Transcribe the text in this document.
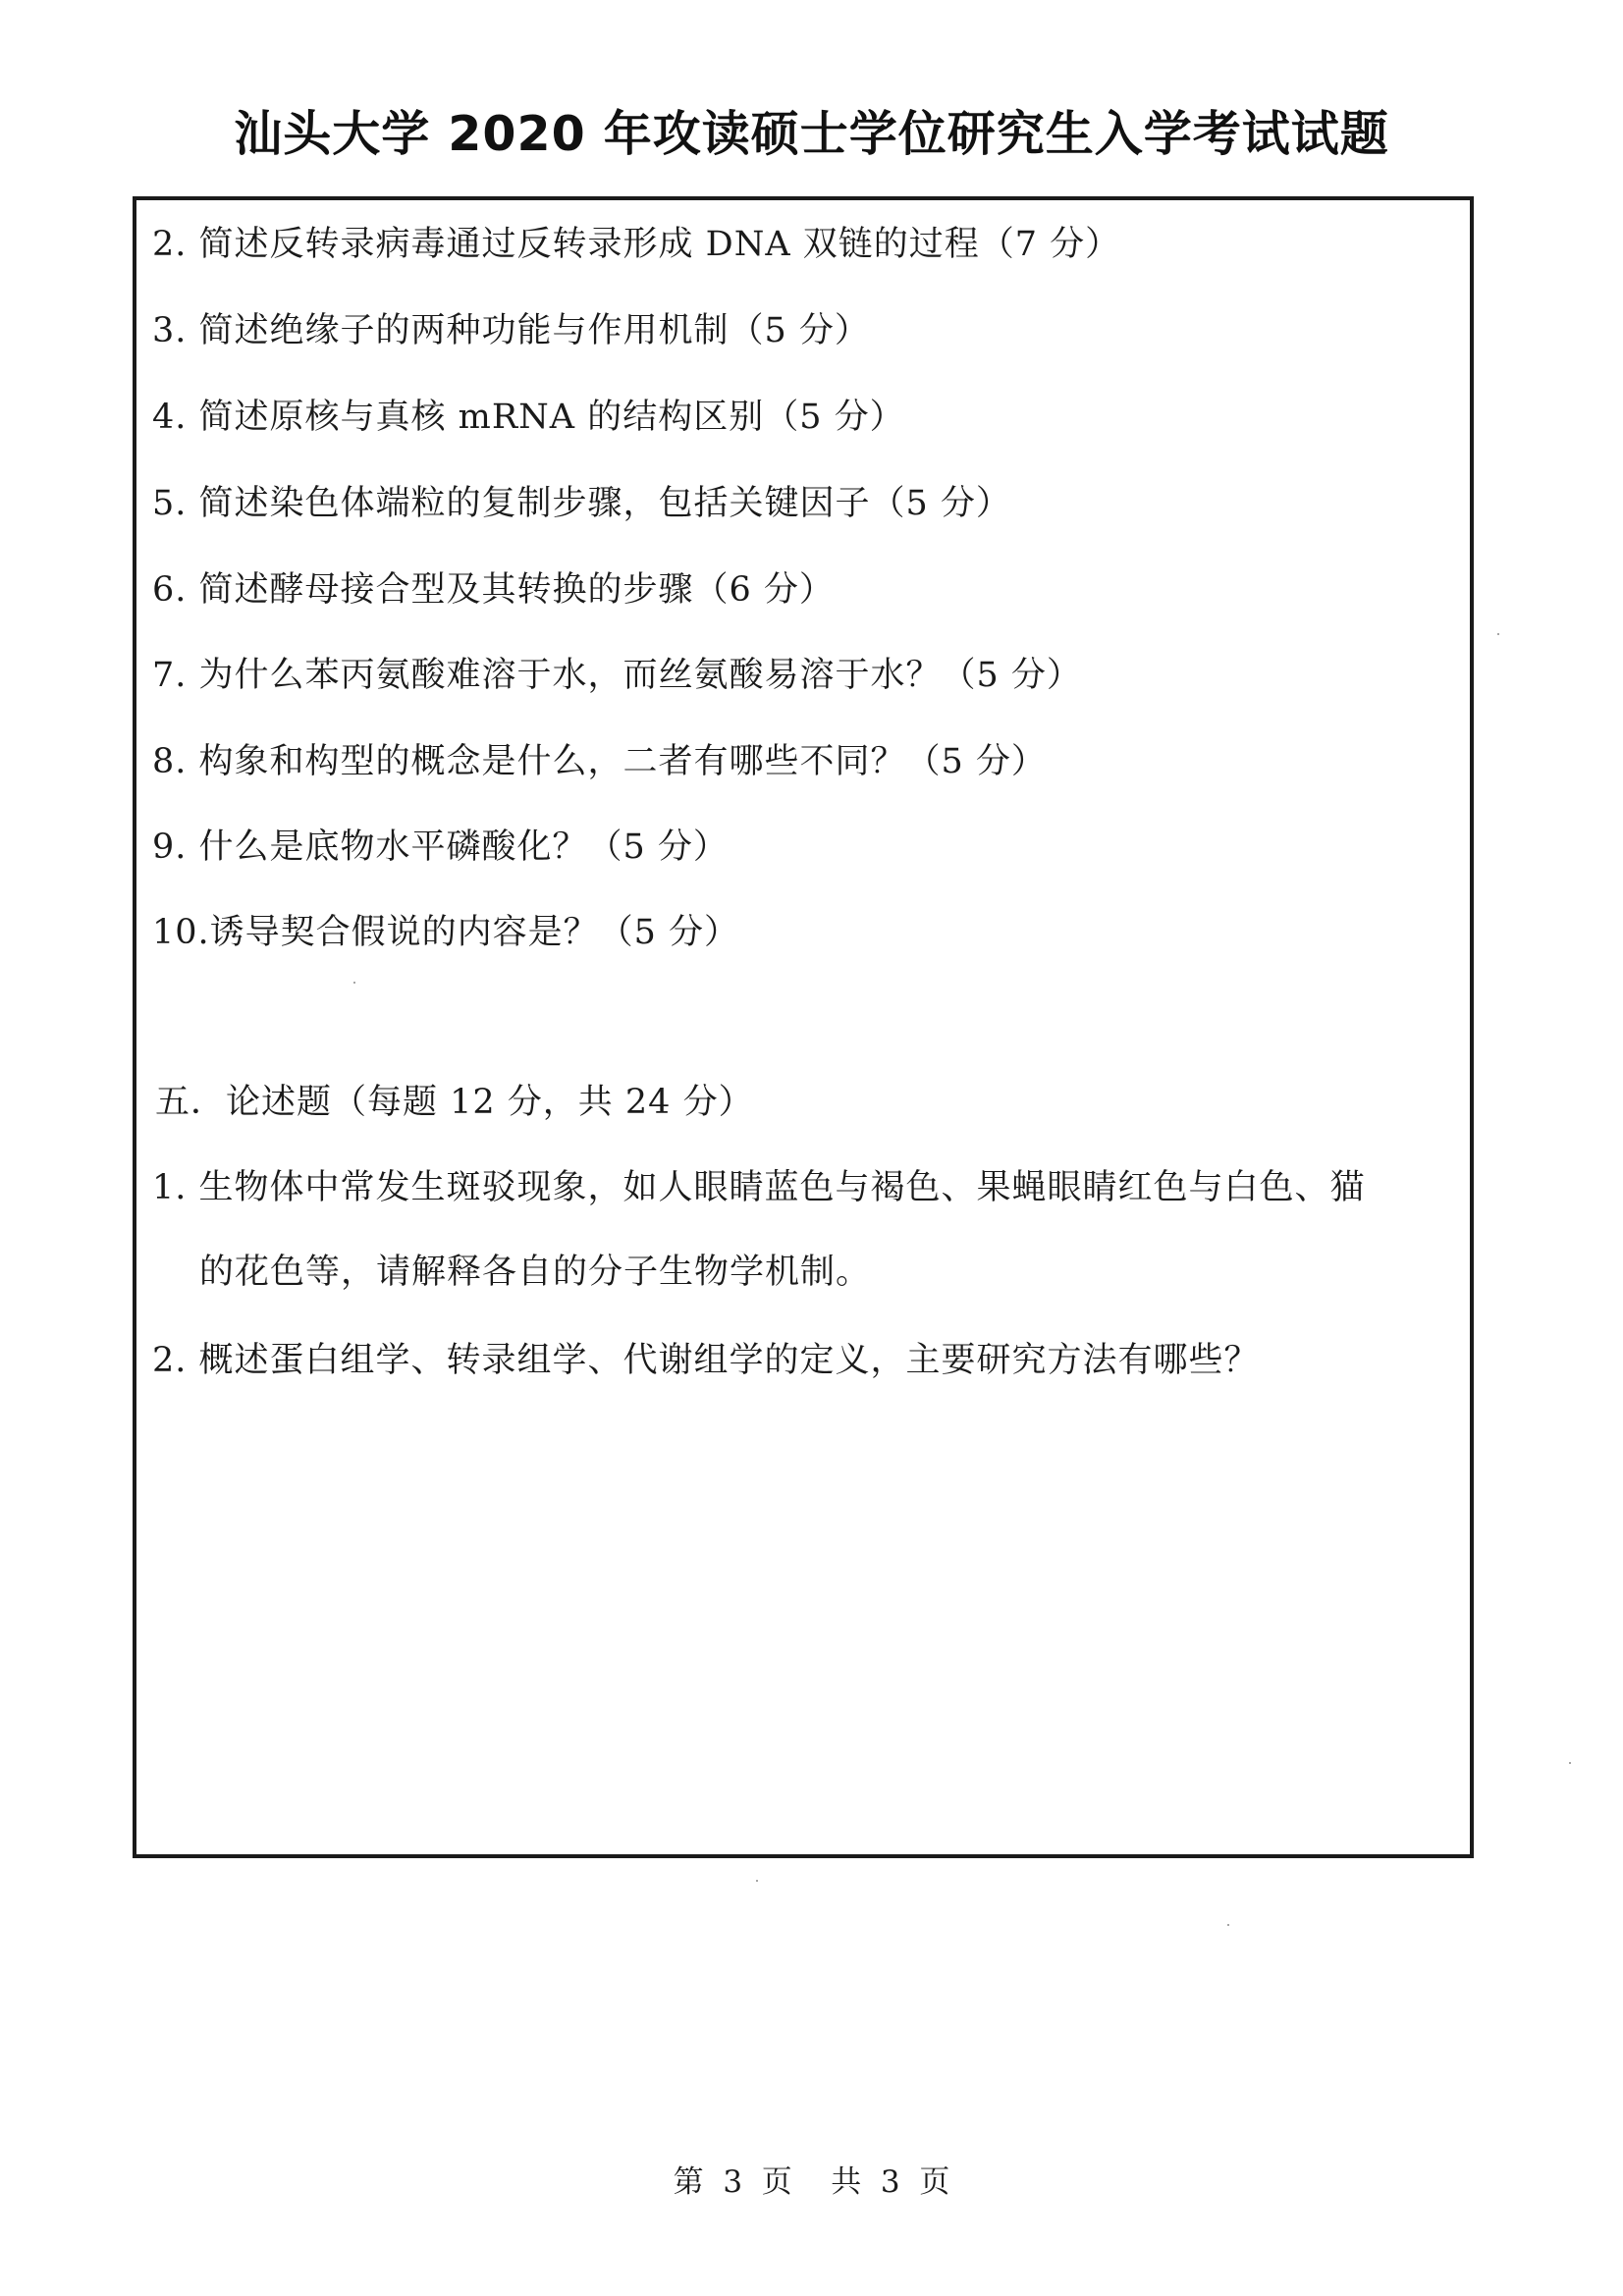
汕头大学 2020 年攻读硕士学位研究生入学考试试题
2. 简述反转录病毒通过反转录形成 DNA 双链的过程（7 分）
3. 简述绝缘子的两种功能与作用机制（5 分）
4. 简述原核与真核 mRNA 的结构区别（5 分）
5. 简述染色体端粒的复制步骤，包括关键因子（5 分）
6. 简述酵母接合型及其转换的步骤（6 分）
7. 为什么苯丙氨酸难溶于水，而丝氨酸易溶于水？（5 分）
8. 构象和构型的概念是什么，二者有哪些不同？（5 分）
9. 什么是底物水平磷酸化？（5 分）
10.诱导契合假说的内容是？（5 分）
五．论述题（每题 12 分，共 24 分）
1. 生物体中常发生斑驳现象，如人眼睛蓝色与褐色、果蝇眼睛红色与白色、猫
的花色等，请解释各自的分子生物学机制。
2. 概述蛋白组学、转录组学、代谢组学的定义，主要研究方法有哪些？
第  3  页    共  3  页
